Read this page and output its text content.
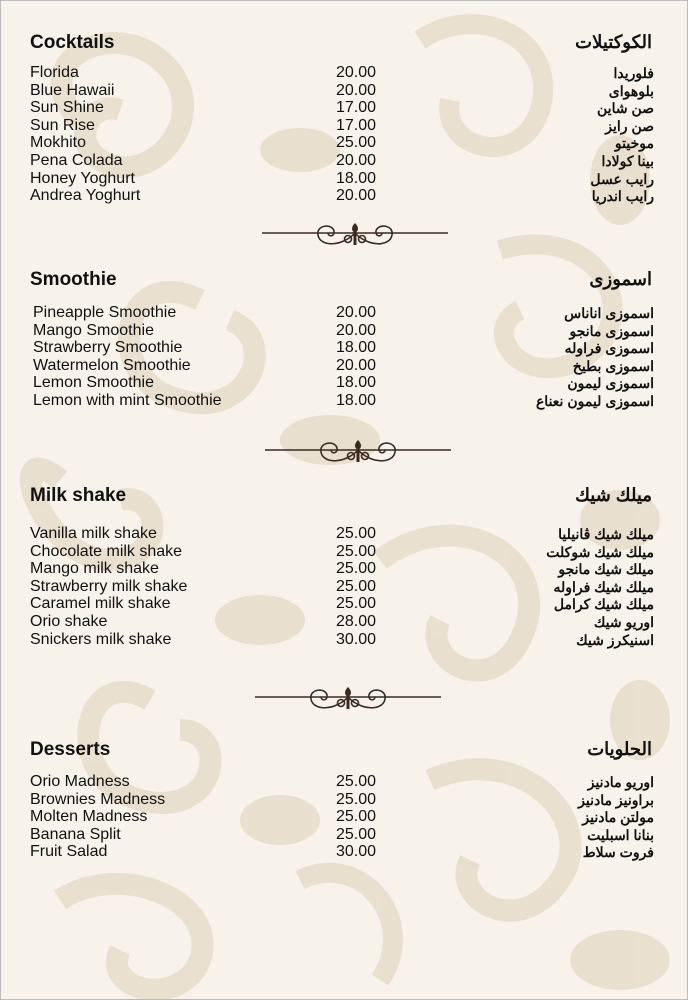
Cocktails	الكوكتيلات
Florida	20.00	فلوريدا
Blue Hawaii	20.00	بلوهواى
Sun Shine	17.00	صن شاين
Sun Rise	17.00	صن رايز
Mokhito	25.00	موخيتو
Pena Colada	20.00	بينا كولادا
Honey Yoghurt	18.00	رايب عسل
Andrea Yoghurt	20.00	رايب اندريا
Smoothie	اسموزى
Pineapple Smoothie	20.00	اسموزى اناناس
Mango Smoothie	20.00	اسموزى مانجو
Strawberry Smoothie	18.00	اسموزى فراوله
Watermelon Smoothie	20.00	اسموزى بطيخ
Lemon Smoothie	18.00	اسموزى ليمون
Lemon with mint Smoothie	18.00	اسموزى ليمون نعناع
Milk shake	ميلك شيك
Vanilla milk shake	25.00	ميلك شيك ڤانيليا
Chocolate milk shake	25.00	ميلك شيك شوكلت
Mango milk shake	25.00	ميلك شيك مانجو
Strawberry milk shake	25.00	ميلك شيك فراوله
Caramel milk shake	25.00	ميلك شيك كرامل
Orio shake	28.00	اوريو شيك
Snickers milk shake	30.00	اسنيكرز شيك
Desserts	الحلويات
Orio Madness	25.00	اوريو مادنيز
Brownies Madness	25.00	براونيز مادنيز
Molten Madness	25.00	مولتن مادنيز
Banana Split	25.00	بنانا اسبليت
Fruit Salad	30.00	فروت سلاط
